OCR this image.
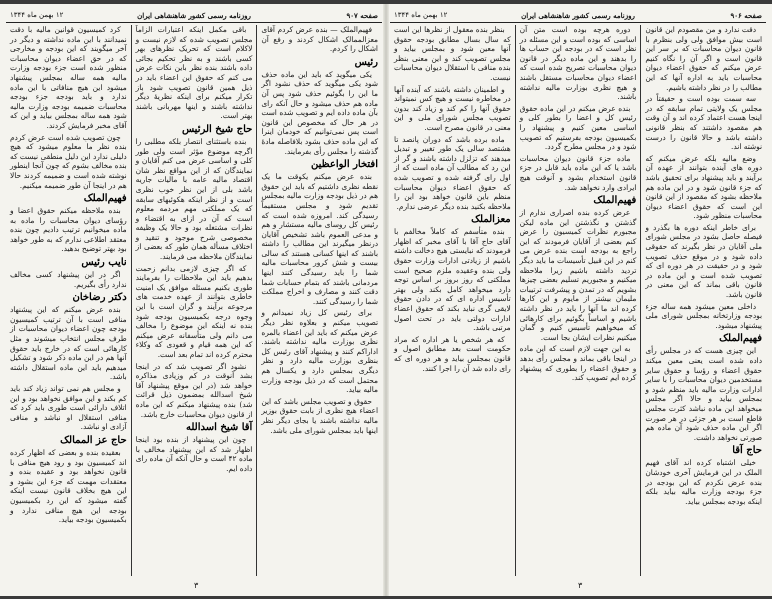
صفحه ۹۰۷
روزنامه رسمی کشور شاهنشاهی ایران
۱۲ بهمن ماه ۱۳۴۴

فهیم‌الملک — بنده عرض کردم آقای معزالممالک اشکال کردند و رفع آن اشکال را کردم.

رئیس

یکی میگوید که باید این ماده حذف شود یکی میگوید که حذف نشود اگر ما این را بگوئیم حذف شود پس آن ماده هم حذف میشود و حال آنکه رای بآن ماده داده ایم و تصویب شده است در هر حال که مخصوص این قانون است پس نمی‌توانیم که خودمان اینرا که این ماده حذف بشود بلافاصله مادهٔ گذشته را مجلس رأی بفرمایند.

افتخار الواعظین

بنده عرض میکنم یکوقت ما یک نقطه نظری داشتیم که باید این حقوق هم در ذیل بودجه وزارت مالیه بمجلس تقدیم شود و مجلس مستقیماً رسیدگی کند. امروزه شده است که رئیس کل روسای مالیه مستشار و هم و مدعی العموم باشد تشخیص آقایان درنظر میگیرند این مطالب را داشته باشند که اینها کسانی هستند که سالی بیست و شش کرور محاسبات مالیه شما را باید رسیدگی کنند اینها مردمانی باشند که بتمام حسابات شما دقت کنند و مصارف و اخراج مملکت شما را رسیدگی کنند.

برای رئیس کل زیاد نمیدانم و تصویب میکنم و بعلاوه نظر دیگر عرض میکنم که باید این اعضاء بالمره نظری بوزارت مالیه نداشته باشند. اداراکم کنند و پیشنهاد آقای رئیس کل بنظری بوزارت مالیه دارد و نظر دیگری بمجلس دارد و یکسال هم محتمل است که در ذیل بودجه وزارت مالیه بیاید.

حقوق و تصویب مجلس باشد که این اعضاء هیچ نظری از بابت حقوق بوزیر مالیه نداشته باشند یا بجای دیگر نظر اینها باید بمجلس شورای ملی باشد.

باقی مکمل اینکه اعتبارات الزاماً مجلس تصویب شده که لازم نیست و لاکلام است که تحریک نظرهای بهر کسی باشند و به نظر تحکیم بجائی داده باشند بنده نظر باین نکات عرض می کنم که حقوق این اعضاء باید در ذیل همین قانون تصویب شود باز تکرار میکنم برای اینکه نظریهٔ دیگر نداشته باشند و اینها مهربانی باشند بهتر است.

حاج شیخ الرئیس

بنده باستثنای انتصار بلکه مطلبی را اگرچه موضوع مؤثر است ولی طور کلی و اساسی عرض می کنم آقایان و نمایندگان که از این مواقع نظر شان اقتصاد مالیه عامه با مالیات جاریه باشد بلی از این نظر خوب نظری است و از نظر اینکه هکوئیهای سابقه که یک مملکتی مهم مردمه معلوم است که آن در ازای به اقتضاء و نظرات مشتغله بود و حالا یک وظیفه مخصوصی شرح موجود و تنقید و اختلاف مسأله همان طور که بعضی از نمایندگان ملاحظه می فرمایند.

که اگر چیزی لازمی بدانم زحمت بدهیم باید این ملاحظات را بفرمایند طوری بکنیم مسئله موافق یک امنیت خاطری بتوانند از عهده خدمت های مرجوعه برآیند و گران است با این وجوه درجه بکمیسیون بودجه شود بنده نه اینکه این موضوع را مخالف می دانم ولی متأسفانه عرض میکنم که این همه قیام و قعودی که وکلاء محترم کرده اند تمام بعد است.

نشود اگر تصویب شد که در اینجا بشد آنوقت در کم وزیادی مذاکره خواهد شد (در این موقع پیشنهاد آقا شیخ اسدالله بمضمون ذیل قرائت شد) بنده پیشنهاد میکنم که این ماده از قانون دیوان محاسبات خارج باشد.

آقا شیخ اسدالله

چون این پیشنهاد از بنده بود اینجا اظهار شد که این پیشنهاد مخالف با ماده ۴۲ است و حال آنکه آن ماده رای داده ایم.

کرد کمیسیون قوانین مالیه با دقت نمیدانند با این ماده نداشته و دیگر در آخر میگویند که این بودجه و مخارجی که در حق اعضاء دیوان محاسبات منظور شده است جزء بودجه وزارت مالیه همه ساله بمجلس پیشنهاد میشود این هیچ منافاتی با این ماده ندارد و باید بودجه جزء بودجه محاسبات ضمیمه بودجه وزارت مالیه شود همه ساله بمجلس بیاید و این که آقای مخبر فرمایش کردند.

چون تصویب شده است عرض کردم بنده نظر ما معلوم میشود که هیچ دلیلی ندارد این دلیل منطقی نیست که بنده مخالف بشوم که چون آنجا اینطور نوشته شده است و ضمیمه کردند حالا هم در اینجا آن طور ضمیمه میکنیم.

فهیم‌الملک

بنده ملاحظه میکنم حقوق اعضا و رؤسای دیوان محاسبات را ماده به ماده میخوانیم ترتیب دادیم چون بنده معتقد اطلاعی ندارم که به طور خواهد بود بهتر توضیح بدهید.

نایب رئیس

اگر در این پیشنهاد کسی مخالف ندارد رأی بگیریم.

دکتر رضاخان

بنده عرض میکنم که این پیشنهاد منافی است با آن ترتیب کمیسیون بودجه چون اعضاء دیوان محاسبات از طرف مجلس انتخاب میشوند و مثل کارهائی است که در خارج باید حقوق آنها هم در این ماده ذکر شود و تشکیل میدهیم باید این ماده استقلال داشته باشد.

و مجلس هم نمی تواند زیاد کند باید کم بکند و این موافق نخواهد بود و این اتلاف دارائی است طوری باید کرد که منافی استقلال او نباشد و منافی آزادی او نباشد.

حاج عز الممالک

بعقیده بنده و بعضی که اظهار کرده اند کمیسیون بود و رود هیچ منافی با قانون نخواهد بود و عقیده بنده و معتقدات مهمت که جزء این بشود و این هیچ بخلاف قانون نیست اینکه گفته میشود که این رد بکمیسیون بودجه این هیچ منافی ندارد و بکمیسیون بودجه بیاید.

۳
صفحه ۹۰۶
روزنامه رسمی کشور شاهنشاهی ایران
۱۲ بهمن ماه ۱۳۴۴

دقت ندارد و من مقصودم این قانون است بیش موافق ولی ولی بنظرم با قانون دیوان محاسبات که بر سر این قانون است و اگر آن را نگاه کنیم عرض میکنم که حقوق اعضاء دیوان محاسبات باید به اداره آنها که این مطالب را در نظر داشته باشیم.

سه سمت بوده است و حقیقتاً در مجلس یک ولایتی تمام سابقه که در اینجا هست اعتماد کرده اند و آن وقت هم مقصود داشتند که بنظر قانونی داشته باشد و حالا قانون را درست نوشته اند.

وضع مالیه بلکه عرض میکنم که دوره های آینده بتوانند از عهده آن برآیند و باید پیشنهاد برای تحقیق باشد که جزء قانون شود و در این ماده هم ملاحظه بشود که مقصود از این قانون این است که حقوق اعضاء دیوان محاسبات منظور شود.

برای خاطر اینکه دوره ها بگذرد و فیصله حاصل بشود در مجلس شورای ملی آقایان در نظر بگیرند که حقوقی داده شود و در موقع حذف تصویب شود و در حقیقت در هر دوره ای که تصویب شده است و این ماده در قانون باقی بماند که این معنی در قانون باشد.

داخلی معین میشود همه ساله جزء بودجه وزارتخانه بمجلس شورای ملی پیشنهاد میشود.

فهیم‌الملک

این چیزی هست که در مجلس رأی داده شده است یعنی معین میکند حقوق اعضاء و رؤسا و حقوق سایر مستخدمین دیوان محاسبات را با سایر ادارات وزارت مالیه باید منظم شود و بمجلس بیاید و حالا اگر مجلس میخواهد این ماده نباشد کثرت مجلس قاطع است بر هر جزئی در هر صورت اگر این ماده حذف شود آن ماده هم صورتی نخواهد داشت.

حاج آقا

خیلی اشتباه کرده اند آقای فهیم الملک در این فرمایش آخری خودشان بنده عرض نکردم که این بودجه در جزء بودجه وزارت مالیه بیاید بلکه اینکه بودجه بمجلس بیاید.

دوره هرچه بوده است متن آن اساسی که بوده است و این مسئله در نظر است که در بودجه این حساب ها را بدهند و این ماده دیگر در قانون دیوان محاسبات تصریح شده است که اعضاء دیوان محاسبات مستقل باشند و هیچ نظری بوزارت مالیه نداشته باشند.

بنده عرض میکنم در این ماده حقوق رئیس کل و اعضا را بطور کلی و اساسی معین کنیم و پیشنهاد را بکمیسیون بودجه بفرستیم که تصویب شود و در مجلس مطرح گردد.

ماده جزء قانون دیوان محاسبات باشد یا که این ماده باید قابل در جزء قانون استخدام بشود و آنوقت هیچ ایرادی وارد نخواهد شد.

فهیم‌الملک

عرض کرده بنده اصراری ندارم از گذشتن و نگذشتن این ماده لیکن مجبورم نظرات کمیسیون را عرض کنم بعضی از آقایان فرمودند که این راجع به بودجه است بنده عرض می کنم در این قبیل تأسیسات ما باید دیگر تردید داشته باشیم زیرا ملاحظه میکنیم و مجبوریم تسلیم بعضی چیزها بشویم که در تمدن و پیشرفت ترتیبات ملیمان بیشتر از مایوم و این کارها کرده اند ما آنها را باید در نظر داشته باشیم و اساساً بگوئیم برای کارهائی که میخواهیم تأسیس کنیم و گمان میکنیم نظرات ایشان بجا است.

به این جهت لازم است که این ماده در اینجا باقی بماند و مجلس رأی بدهد و حقوق اعضاء را بطوری که پیشنهاد کرده ایم تصویب کند.

بنظر بنده معقول از نظرها این است که سال بسال مطابق بودجه حقوق آنها معین شود و بمجلس بیاید و مجلس تصویب کند و این معنی بنظر بنده منافی با استقلال دیوان محاسبات نیست.

و اطمینان داشته باشند که آینده آنها در مخاطره نیست و هیچ کس نمیتواند حقوق آنها را کم کند و زیاد کند بدون تصویب مجلس شورای ملی و این معنی در قانون مصرح است.

ماده برده باشد که دوران پانصد تا هشتصد سالی یک طور تغییر و تبدیل میدهند که تزلزل داشته باشند و گر از این رد که مطالب آن ماده است که از اول رای گرفته شده و تصویب شده که حقوق اعضاء دیوان محاسبات منظم باین قانون خواهد بود این را ملاحظه بکنید بنده دیگر عرضی ندارم.

معزالملک

بنده متأسفم که کاملاً مخالفم با آقای حاج آقا با آقای مخبر که اظهار فرمودند که نبایستی هیچ دخالت داشته باشیم از زیادتی ادارات وزارت حقوق ولی بنده وعقیده ملزم صحیح است مملکتی که روز بروز بر اساس توجه دارد میخواهد کامل بکند ولی بهتر تأسیس اداره ای که در دادن حقوق لایقی گری نباید بکند که حقوق اعضاء ادارات دولتی باید در تحت اصول مرتبی باشد.

که هر شخص یا هر اداره که مراد حکومت است بعد مطابق اصول و قانون بمجلس بیاید و هر دوره ای که رای داده شد آن را اجرا کنند.

۳
